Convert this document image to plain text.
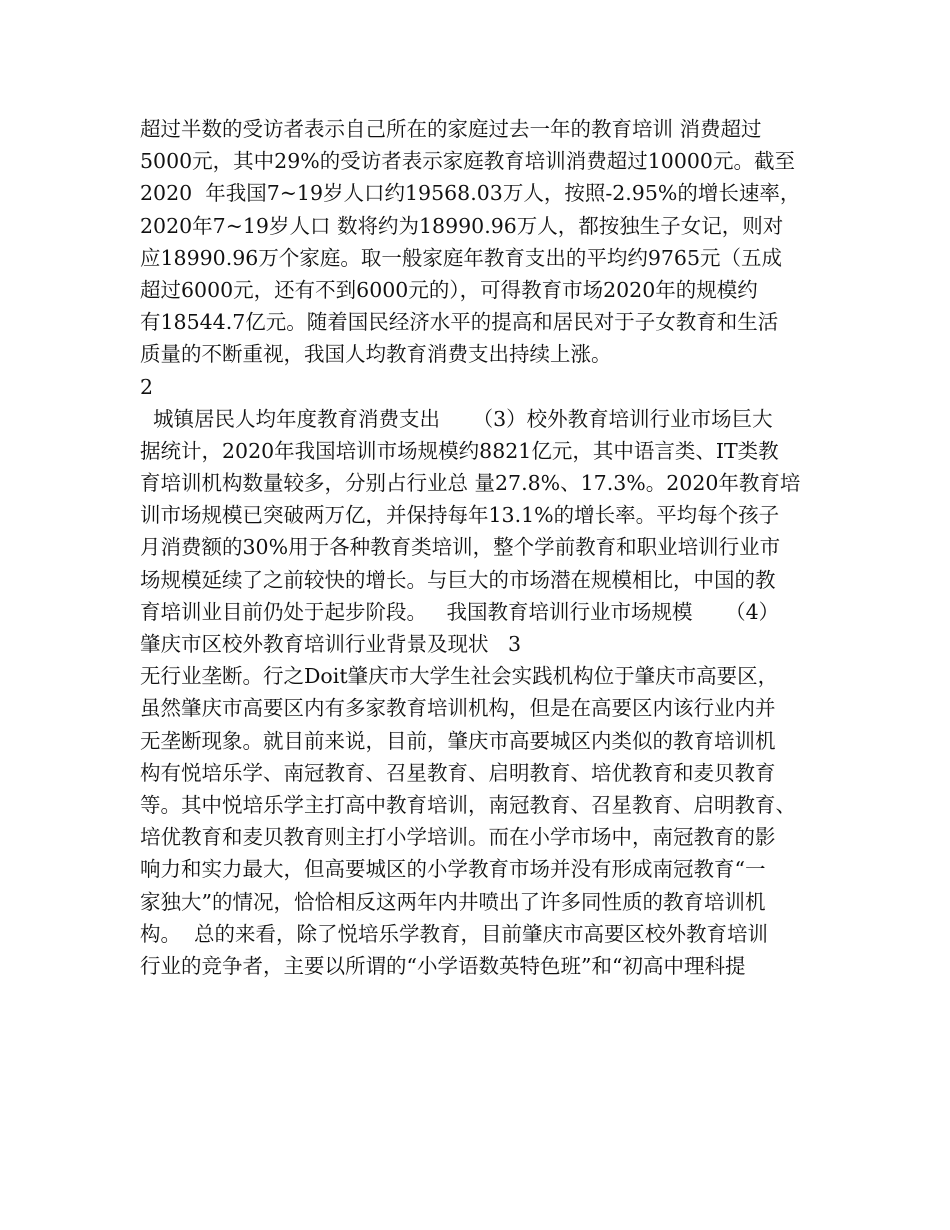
超过半数的受访者表示自己所在的家庭过去一年的教育培训 消费超过
5000元，其中29%的受访者表示家庭教育培训消费超过10000元。截至
2020  年我国7~19岁人口约19568.03万人，按照-2.95%的增长速率，
2020年7~19岁人口 数将约为18990.96万人，都按独生子女记，则对
应18990.96万个家庭。取一般家庭年教育支出的平均约9765元（五成
超过6000元，还有不到6000元的），可得教育市场2020年的规模约
有18544.7亿元。随着国民经济水平的提高和居民对于子女教育和生活
质量的不断重视，我国人均教育消费支出持续上涨。
2
城镇居民人均年度教育消费支出     （3）校外教育培训行业市场巨大
据统计，2020年我国培训市场规模约8821亿元，其中语言类、IT类教
育培训机构数量较多，分别占行业总 量27.8%、17.3%。2020年教育培
训市场规模已突破两万亿，并保持每年13.1%的增长率。平均每个孩子
月消费额的30%用于各种教育类培训，整个学前教育和职业培训行业市
场规模延续了之前较快的增长。与巨大的市场潜在规模相比，中国的教
育培训业目前仍处于起步阶段。   我国教育培训行业市场规模     （4）
肇庆市区校外教育培训行业背景及现状   3
无行业垄断。行之Doit肇庆市大学生社会实践机构位于肇庆市高要区，
虽然肇庆市高要区内有多家教育培训机构，但是在高要区内该行业内并
无垄断现象。就目前来说，目前，肇庆市高要城区内类似的教育培训机
构有悦培乐学、南冠教育、召星教育、启明教育、培优教育和麦贝教育
等。其中悦培乐学主打高中教育培训，南冠教育、召星教育、启明教育、
培优教育和麦贝教育则主打小学培训。而在小学市场中，南冠教育的影
响力和实力最大，但高要城区的小学教育市场并没有形成南冠教育“一
家独大”的情况，恰恰相反这两年内井喷出了许多同性质的教育培训机
构。  总的来看，除了悦培乐学教育，目前肇庆市高要区校外教育培训
行业的竞争者，主要以所谓的“小学语数英特色班”和“初高中理科提
